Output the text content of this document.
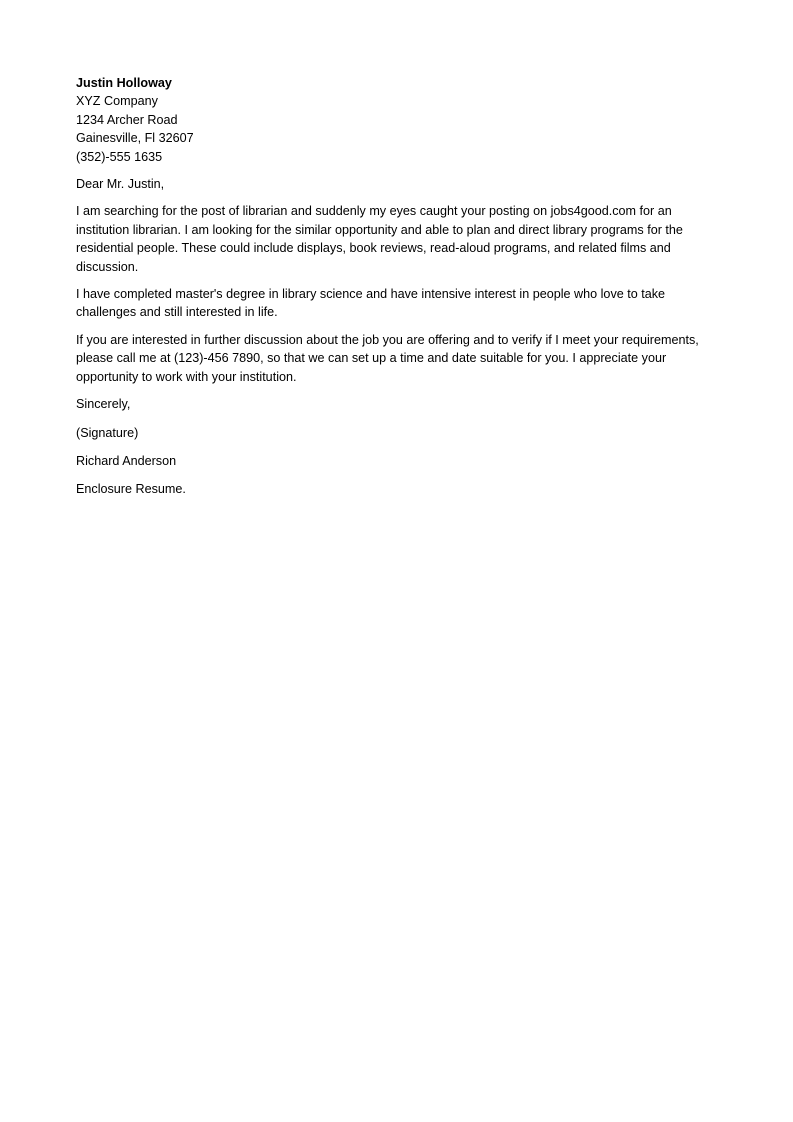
Justin Holloway
XYZ Company
1234 Archer Road
Gainesville, Fl 32607
(352)-555 1635

Dear Mr. Justin,

I am searching for the post of librarian and suddenly my eyes caught your posting on jobs4good.com for an institution librarian. I am looking for the similar opportunity and able to plan and direct library programs for the residential people. These could include displays, book reviews, read-aloud programs, and related films and discussion.

I have completed master's degree in library science and have intensive interest in people who love to take challenges and still interested in life.

If you are interested in further discussion about the job you are offering and to verify if I meet your requirements, please call me at (123)-456 7890, so that we can set up a time and date suitable for you. I appreciate your opportunity to work with your institution.

Sincerely,

(Signature)

Richard Anderson

Enclosure Resume.
